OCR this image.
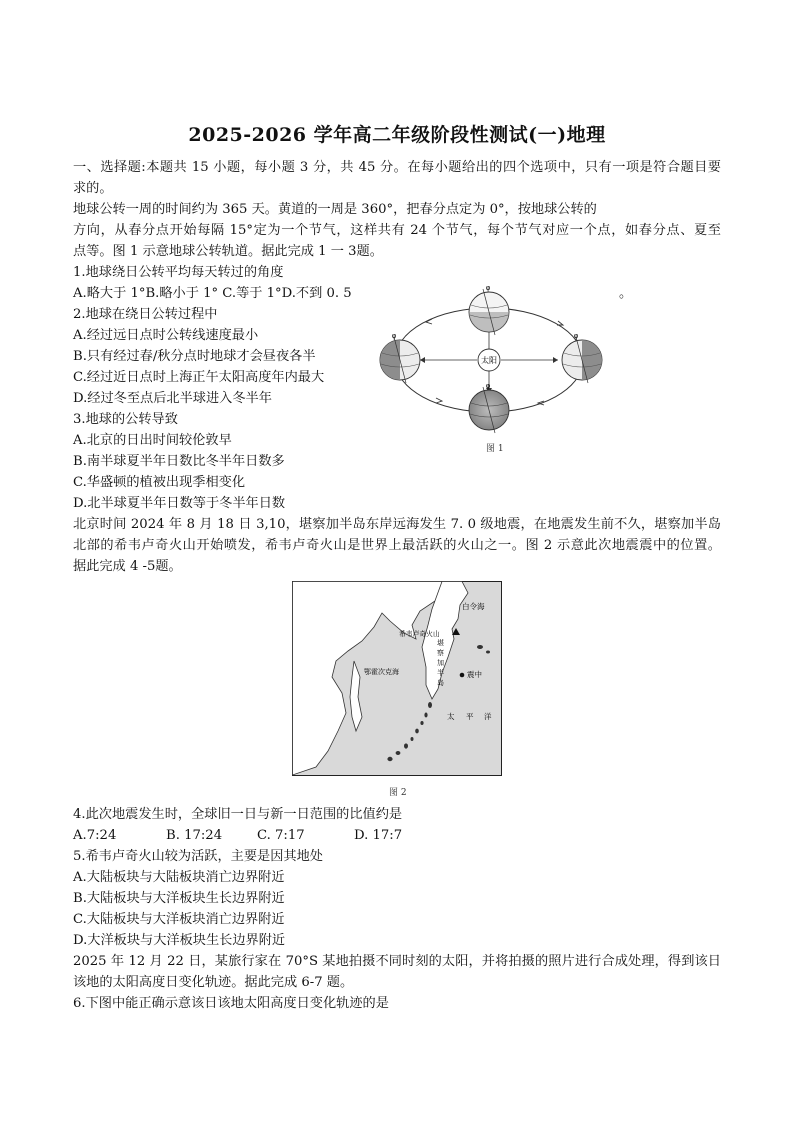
2025-2026 学年高二年级阶段性测试(一)地理
一、选择题:本题共 15 小题，每小题 3 分，共 45 分。在每小题给出的四个选项中，只有一项是符合题目要
求的。
地球公转一周的时间约为 365 天。黄道的一周是 360°，把春分点定为 0°，按地球公转的
方向，从春分点开始每隔 15°定为一个节气，这样共有 24 个节气，每个节气对应一个点，如春分点、夏至
点等。图 1 示意地球公转轨道。据此完成 1 一 3题。
1.地球绕日公转平均每天转过的角度
A.略大于 1°B.略小于 1° C.等于 1°D.不到 0. 5	。
2.地球在绕日公转过程中
A.经过远日点时公转线速度最小
B.只有经过春/秋分点时地球才会昼夜各半
C.经过近日点时上海正午太阳高度年内最大
D.经过冬至点后北半球进入冬半年
3.地球的公转导致
A.北京的日出时间较伦敦早
B.南半球夏半年日数比冬半年日数多
C.华盛顿的植被出现季相变化
D.北半球夏半年日数等于冬半年日数
太阳
φ
φ
φ	φ
图 1
北京时间 2024 年 8 月 18 日 3,10，堪察加半岛东岸远海发生 7. 0 级地震，在地震发生前不久，堪察加半岛
北部的希韦卢奇火山开始喷发，希韦卢奇火山是世界上最活跃的火山之一。图 2 示意此次地震震中的位置。
据此完成 4 -5题。
白令海
希韦卢奇火山
鄂霍次克海
堪
察
加
半
岛
震中
太 平 洋
图 2
4.此次地震发生时，全球旧一日与新一日范围的比值约是
A.7:24	B. 17:24	C. 7:17	D. 17:7
5.希韦卢奇火山较为活跃，主要是因其地处
A.大陆板块与大陆板块消亡边界附近
B.大陆板块与大洋板块生长边界附近
C.大陆板块与大洋板块消亡边界附近
D.大洋板块与大洋板块生长边界附近
2025 年 12 月 22 日，某旅行家在 70°S 某地拍摄不同时刻的太阳，并将拍摄的照片进行合成处理，得到该日
该地的太阳高度日变化轨迹。据此完成 6-7 题。
6.下图中能正确示意该日该地太阳高度日变化轨迹的是
